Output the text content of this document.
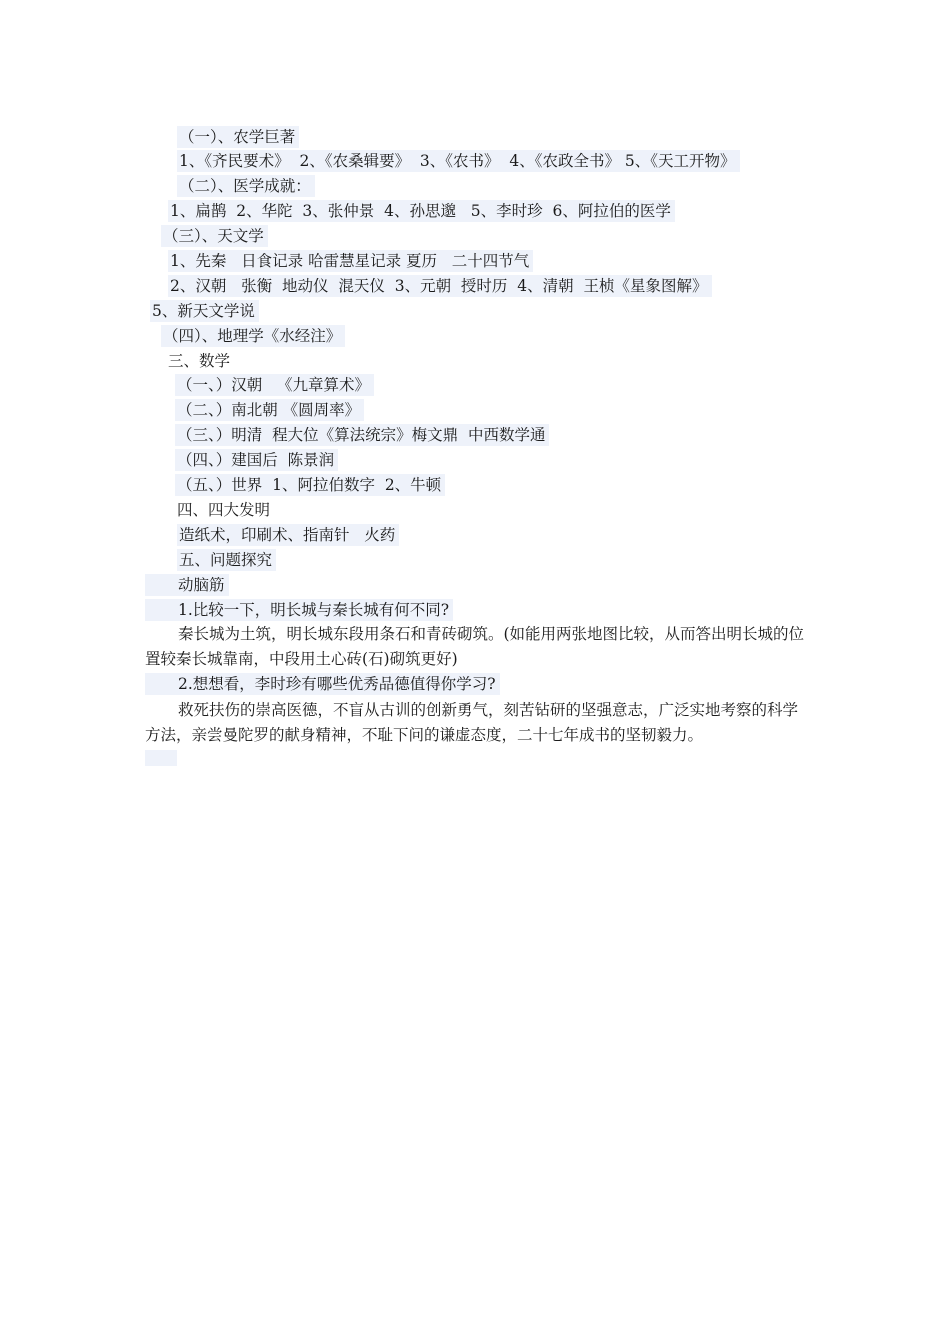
（一）、农学巨著
1、《齐民要术》  2、《农桑辑要》  3、《农书》  4、《农政全书》 5、《天工开物》
（二）、医学成就：
1、扁鹊  2、华陀  3、张仲景  4、孙思邈   5、李时珍  6、阿拉伯的医学
（三）、天文学
1、先秦   日食记录 哈雷慧星记录 夏历   二十四节气
2、汉朝   张衡  地动仪  混天仪  3、元朝  授时历  4、清朝  王桢《星象图解》
5、新天文学说
（四）、地理学《水经注》
三、数学
（一、）汉朝   《九章算术》
（二、）南北朝 《圆周率》
（三、）明清  程大位《算法统宗》梅文鼎  中西数学通
（四、）建国后  陈景润
（五、）世界  1、阿拉伯数字  2、牛顿
四、四大发明
造纸术，印刷术、指南针   火药
五、问题探究
动脑筋
1.比较一下，明长城与秦长城有何不同?
秦长城为土筑，明长城东段用条石和青砖砌筑。(如能用两张地图比较，从而答出明长城的位置较秦长城靠南，中段用土心砖(石)砌筑更好)
2.想想看，李时珍有哪些优秀品德值得你学习?
救死扶伤的崇高医德，不盲从古训的创新勇气，刻苦钻研的坚强意志，广泛实地考察的科学方法，亲尝曼陀罗的献身精神，不耻下问的谦虚态度，二十七年成书的坚韧毅力。
